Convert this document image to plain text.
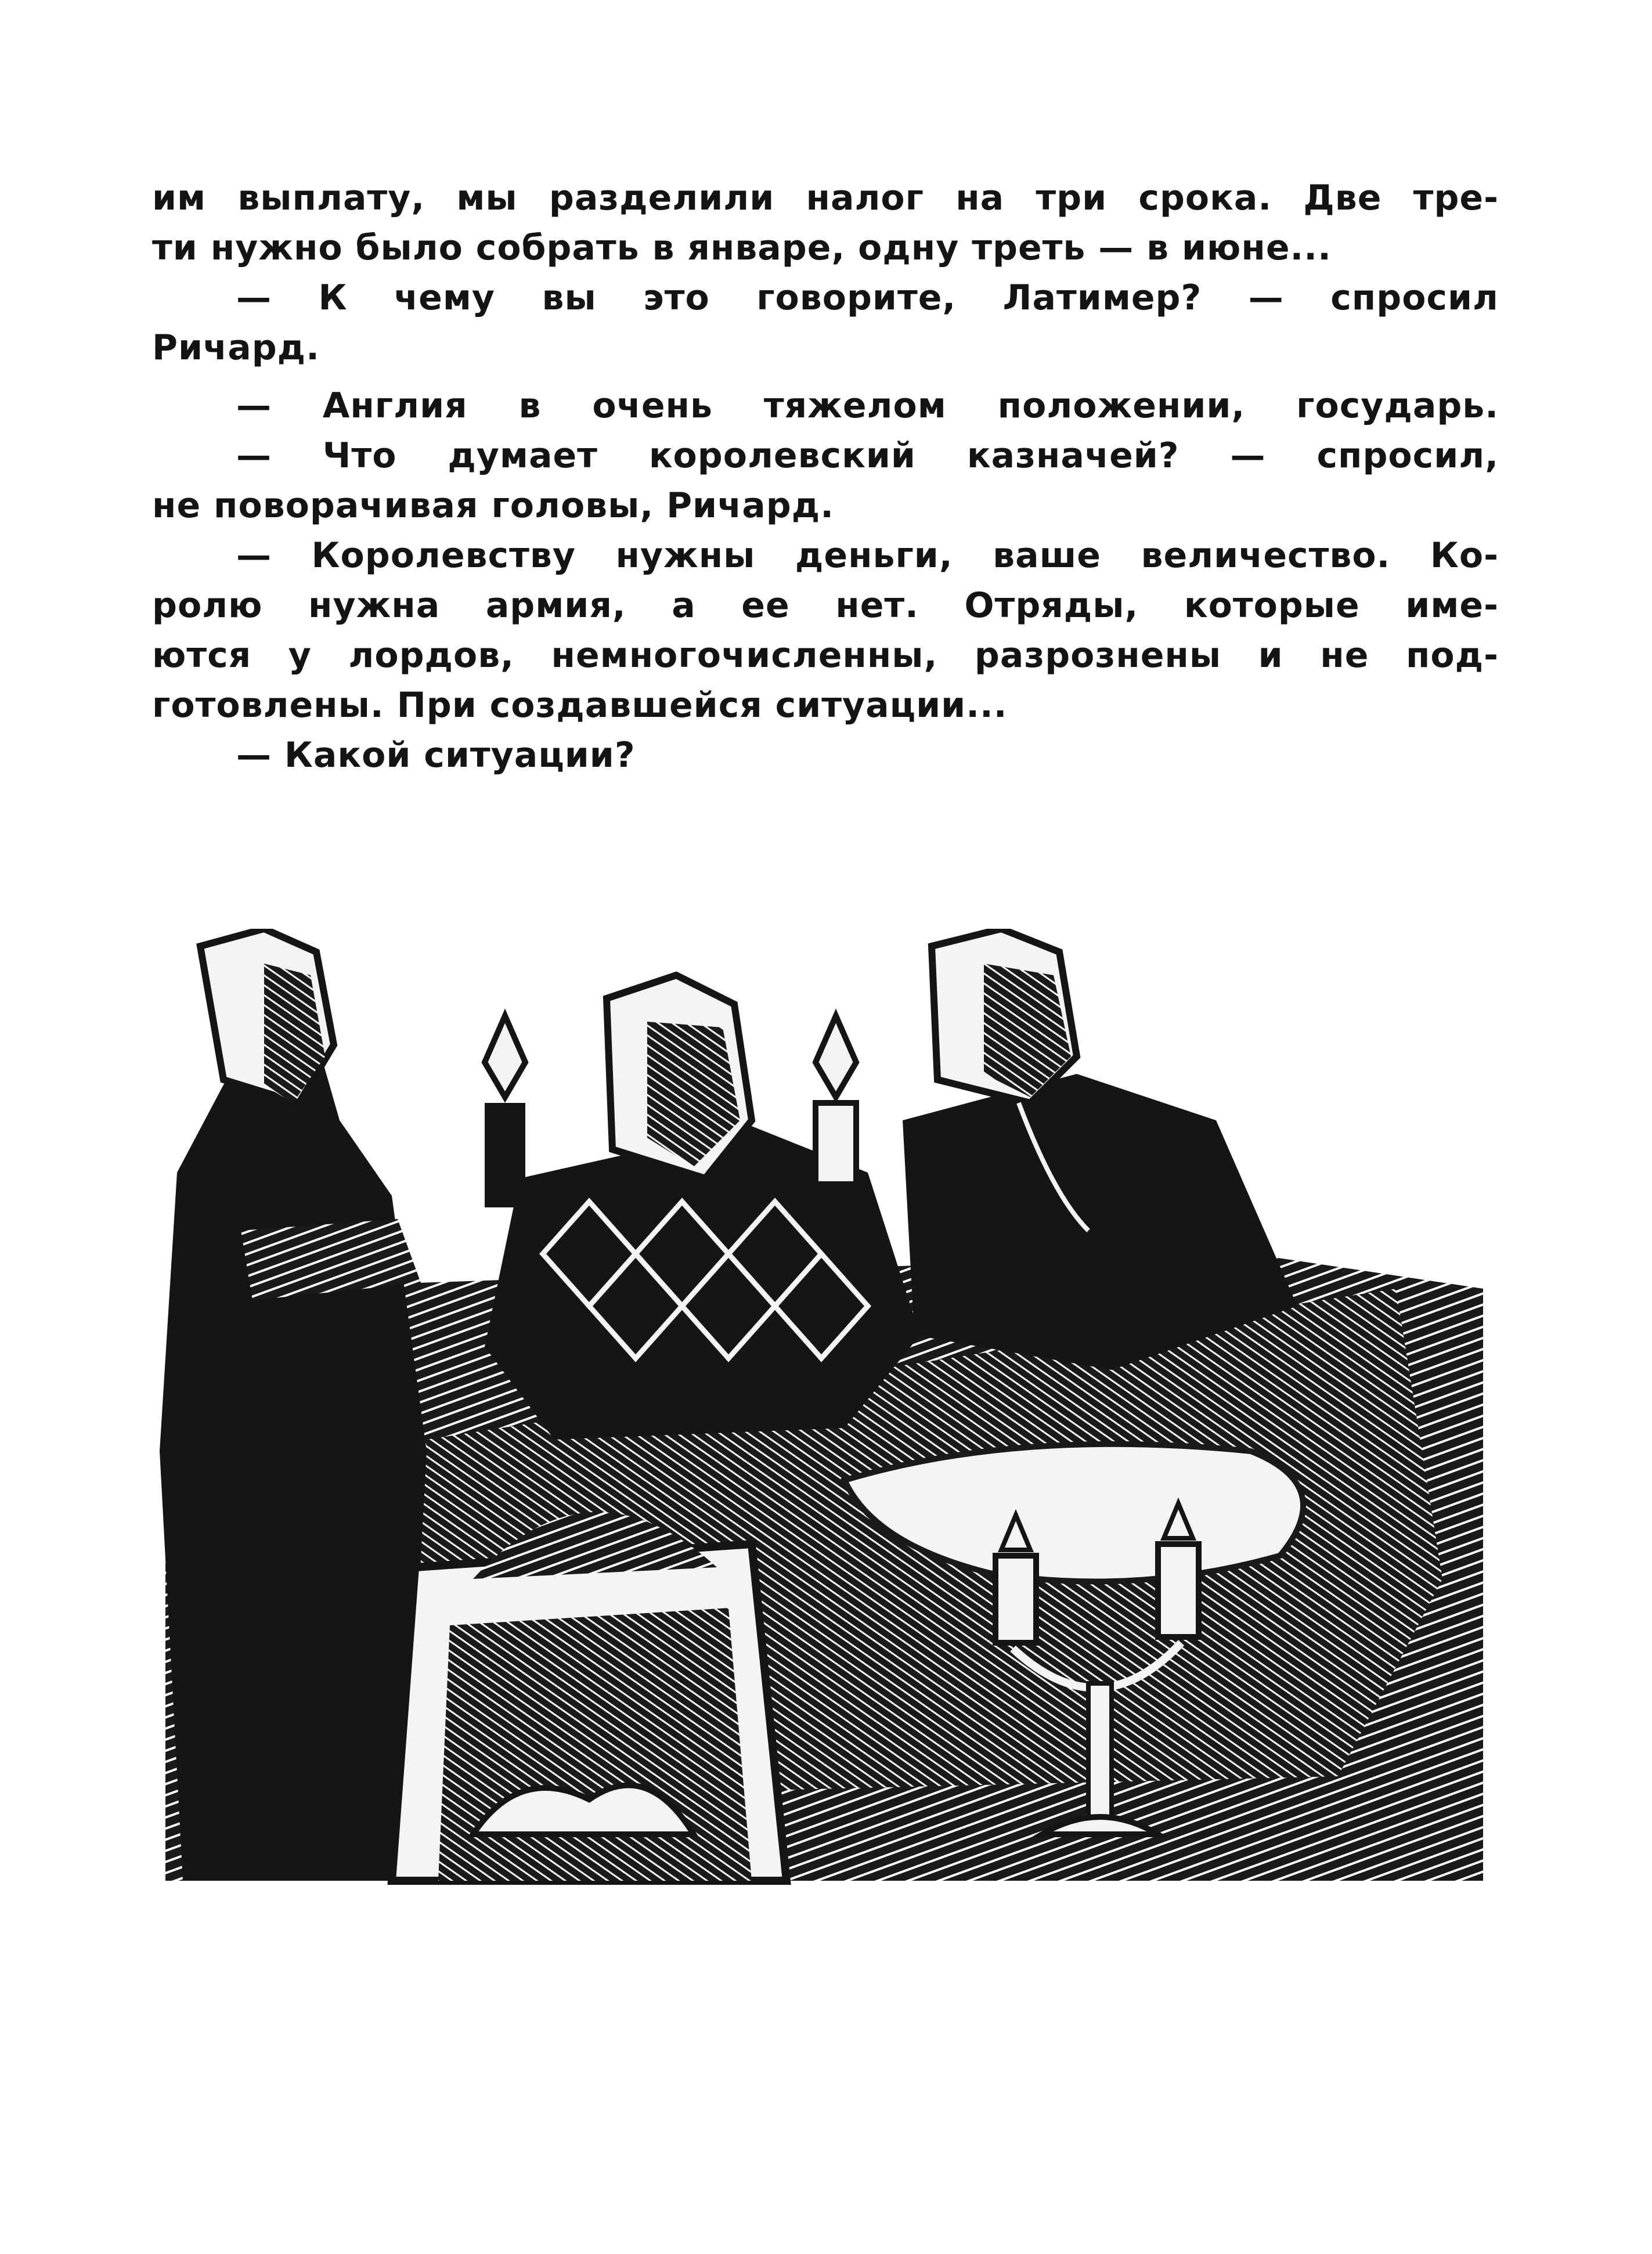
им выплату, мы разделили налог на три срока. Две тре-
ти нужно было собрать в январе, одну треть — в июне...
— К чему вы это говорите, Латимер? — спросил
Ричард.
— Англия в очень тяжелом положении, государь.
— Что думает королевский казначей? — спросил,
не поворачивая головы, Ричард.
— Королевству нужны деньги, ваше величество. Ко-
ролю нужна армия, а ее нет. Отряды, которые име-
ются у лордов, немногочисленны, разрознены и не под-
готовлены. При создавшейся ситуации...
— Какой ситуации?
